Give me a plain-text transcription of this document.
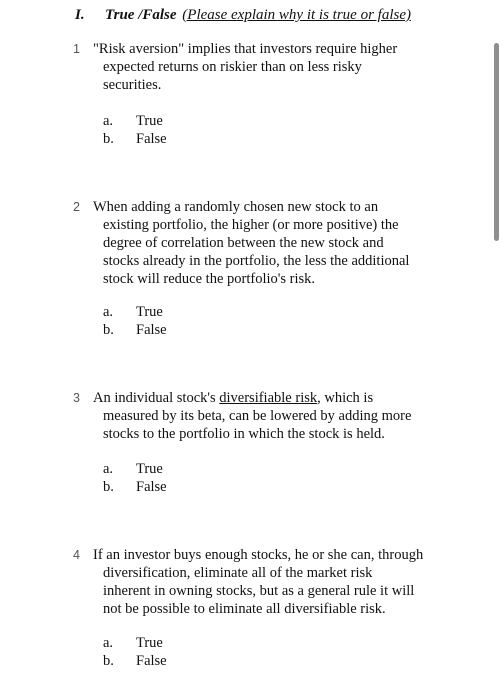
I. True /False (Please explain why it is true or false)
1 "Risk aversion" implies that investors require higher
expected returns on riskier than on less risky
securities.
a. True
b. False
2 When adding a randomly chosen new stock to an
existing portfolio, the higher (or more positive) the
degree of correlation between the new stock and
stocks already in the portfolio, the less the additional
stock will reduce the portfolio's risk.
a. True
b. False
3 An individual stock's diversifiable risk, which is
measured by its beta, can be lowered by adding more
stocks to the portfolio in which the stock is held.
a. True
b. False
4 If an investor buys enough stocks, he or she can, through
diversification, eliminate all of the market risk
inherent in owning stocks, but as a general rule it will
not be possible to eliminate all diversifiable risk.
a. True
b. False
